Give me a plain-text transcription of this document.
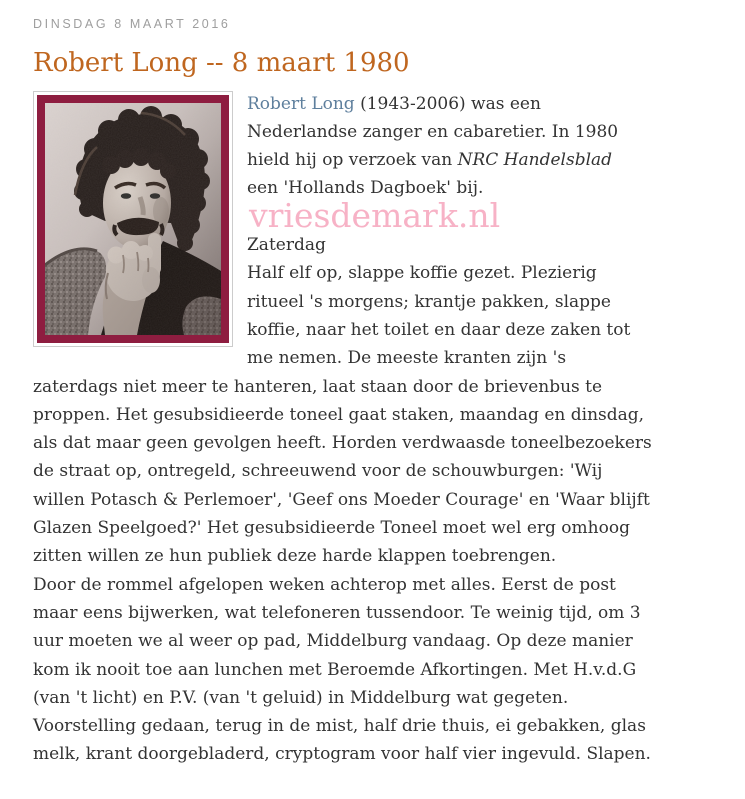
DINSDAG 8 MAART 2016
Robert Long -- 8 maart 1980
Robert Long (1943-2006) was een
Nederlandse zanger en cabaretier. In 1980
hield hij op verzoek van NRC Handelsblad
een 'Hollands Dagboek' bij.
Zaterdag
Half elf op, slappe koffie gezet. Plezierig
ritueel 's morgens; krantje pakken, slappe
koffie, naar het toilet en daar deze zaken tot
me nemen. De meeste kranten zijn 's
zaterdags niet meer te hanteren, laat staan door de brievenbus te
proppen. Het gesubsidieerde toneel gaat staken, maandag en dinsdag,
als dat maar geen gevolgen heeft. Horden verdwaasde toneelbezoekers
de straat op, ontregeld, schreeuwend voor de schouwburgen: 'Wij
willen Potasch & Perlemoer', 'Geef ons Moeder Courage' en 'Waar blijft
Glazen Speelgoed?' Het gesubsidieerde Toneel moet wel erg omhoog
zitten willen ze hun publiek deze harde klappen toebrengen.
Door de rommel afgelopen weken achterop met alles. Eerst de post
maar eens bijwerken, wat telefoneren tussendoor. Te weinig tijd, om 3
uur moeten we al weer op pad, Middelburg vandaag. Op deze manier
kom ik nooit toe aan lunchen met Beroemde Afkortingen. Met H.v.d.G
(van 't licht) en P.V. (van 't geluid) in Middelburg wat gegeten.
Voorstelling gedaan, terug in de mist, half drie thuis, ei gebakken, glas
melk, krant doorgebladerd, cryptogram voor half vier ingevuld. Slapen.
vriesdemark.nl
